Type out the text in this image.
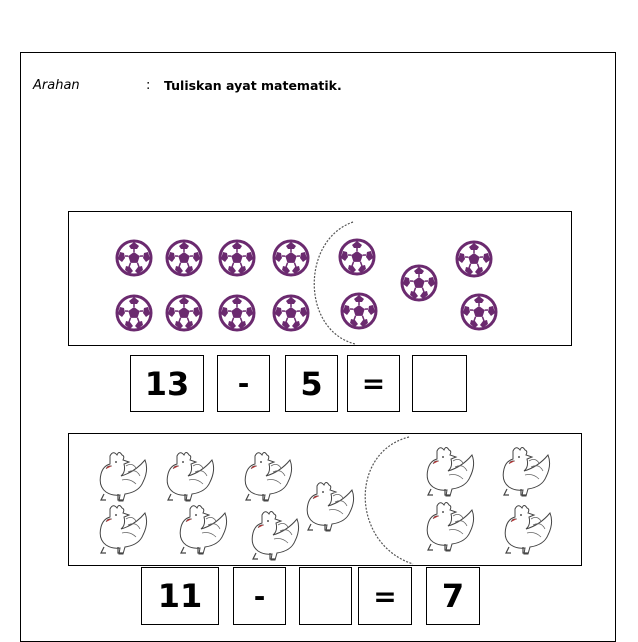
Arahan	: Tuliskan ayat matematik.
13	-	5	=
11	-	=	7
